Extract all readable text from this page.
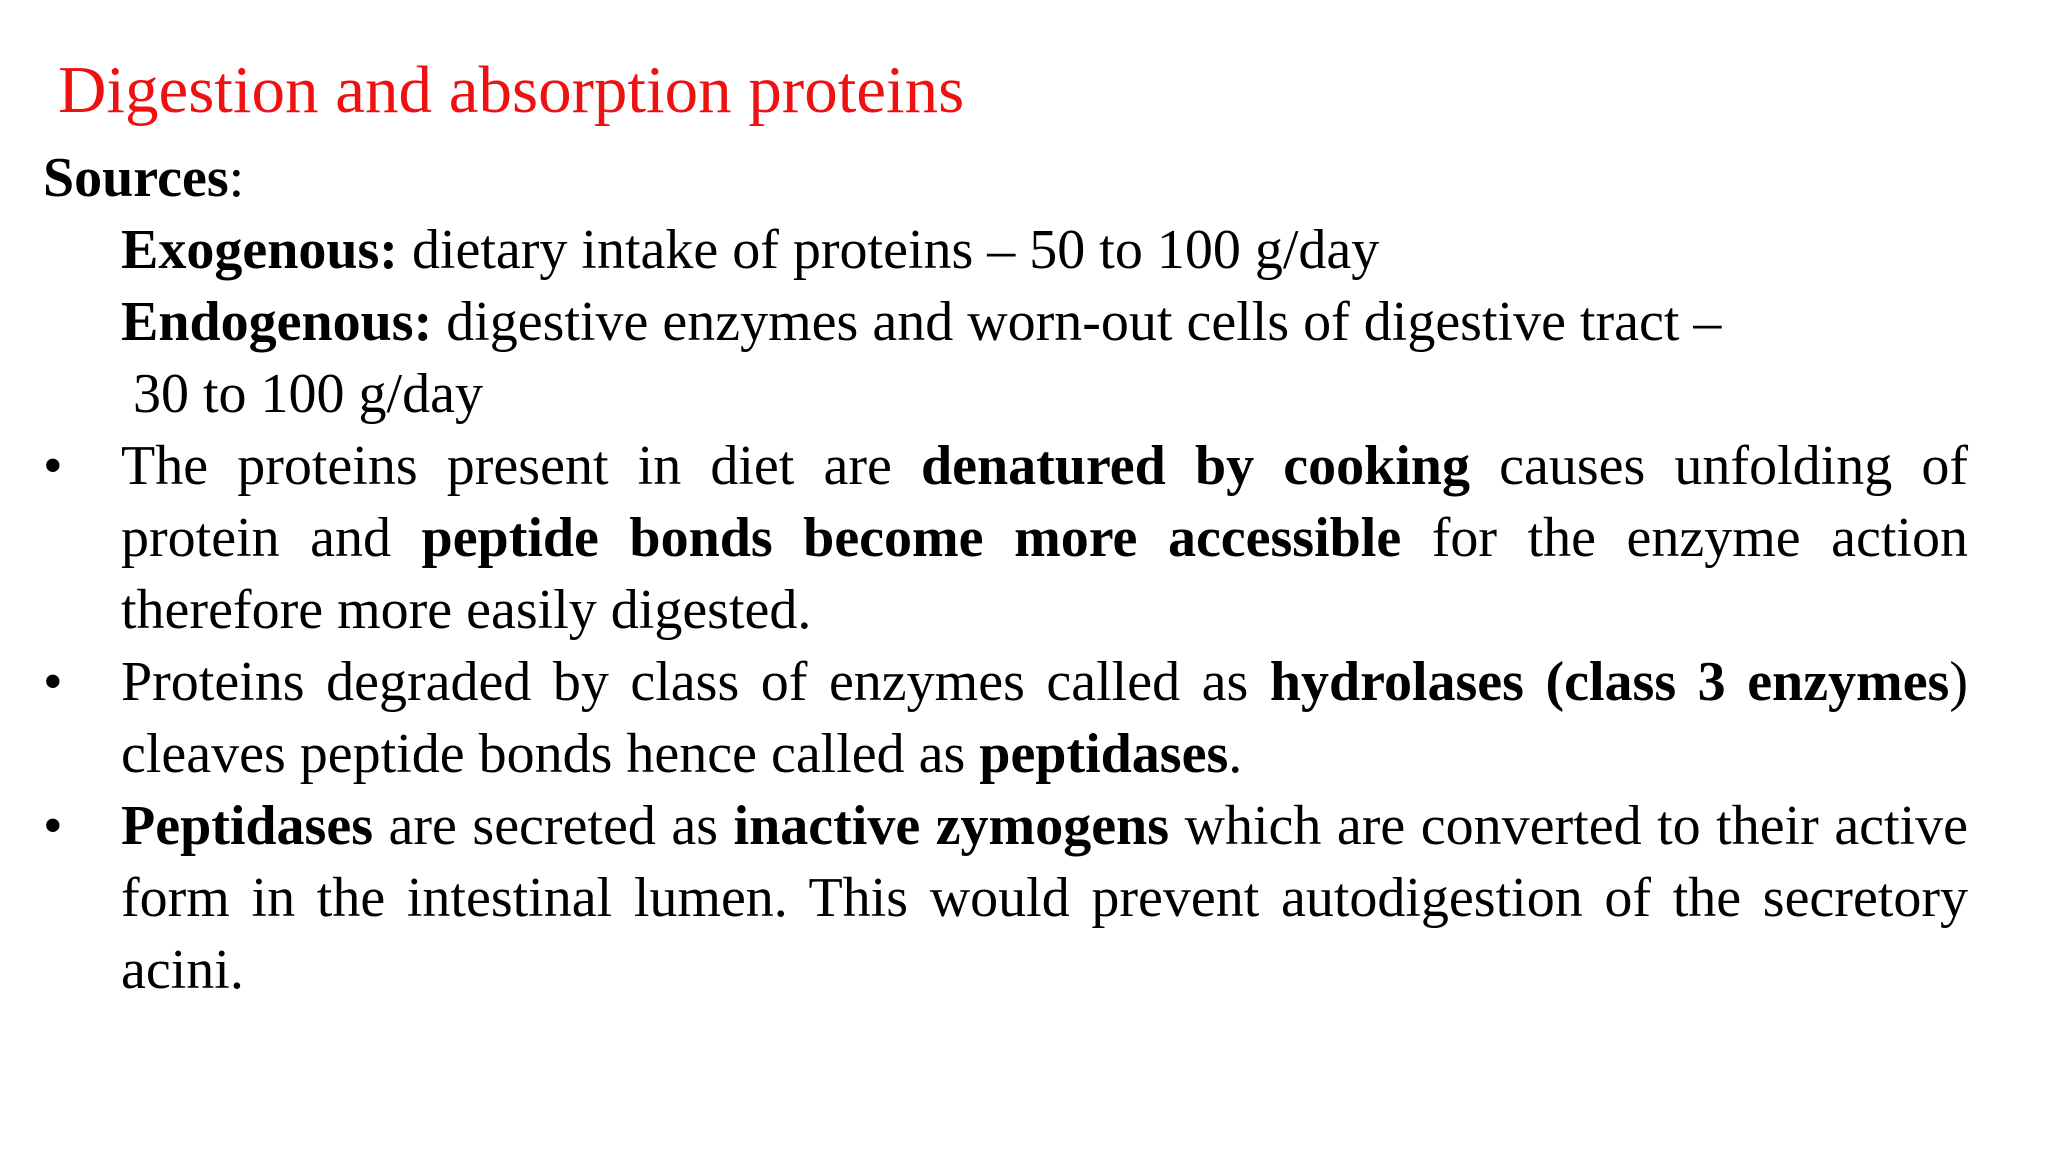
Digestion and absorption proteins
Sources:
Exogenous: dietary intake of proteins – 50 to 100 g/day
Endogenous: digestive enzymes and worn-out cells of digestive tract –
30 to 100 g/day
•	The proteins present in diet are denatured by cooking causes unfolding of protein and peptide bonds become more accessible for the enzyme action therefore more easily digested.
•	Proteins degraded by class of enzymes called as hydrolases (class 3 enzymes) cleaves peptide bonds hence called as peptidases.
•	Peptidases are secreted as inactive zymogens which are converted to their active form in the intestinal lumen. This would prevent autodigestion of the secretory acini.
